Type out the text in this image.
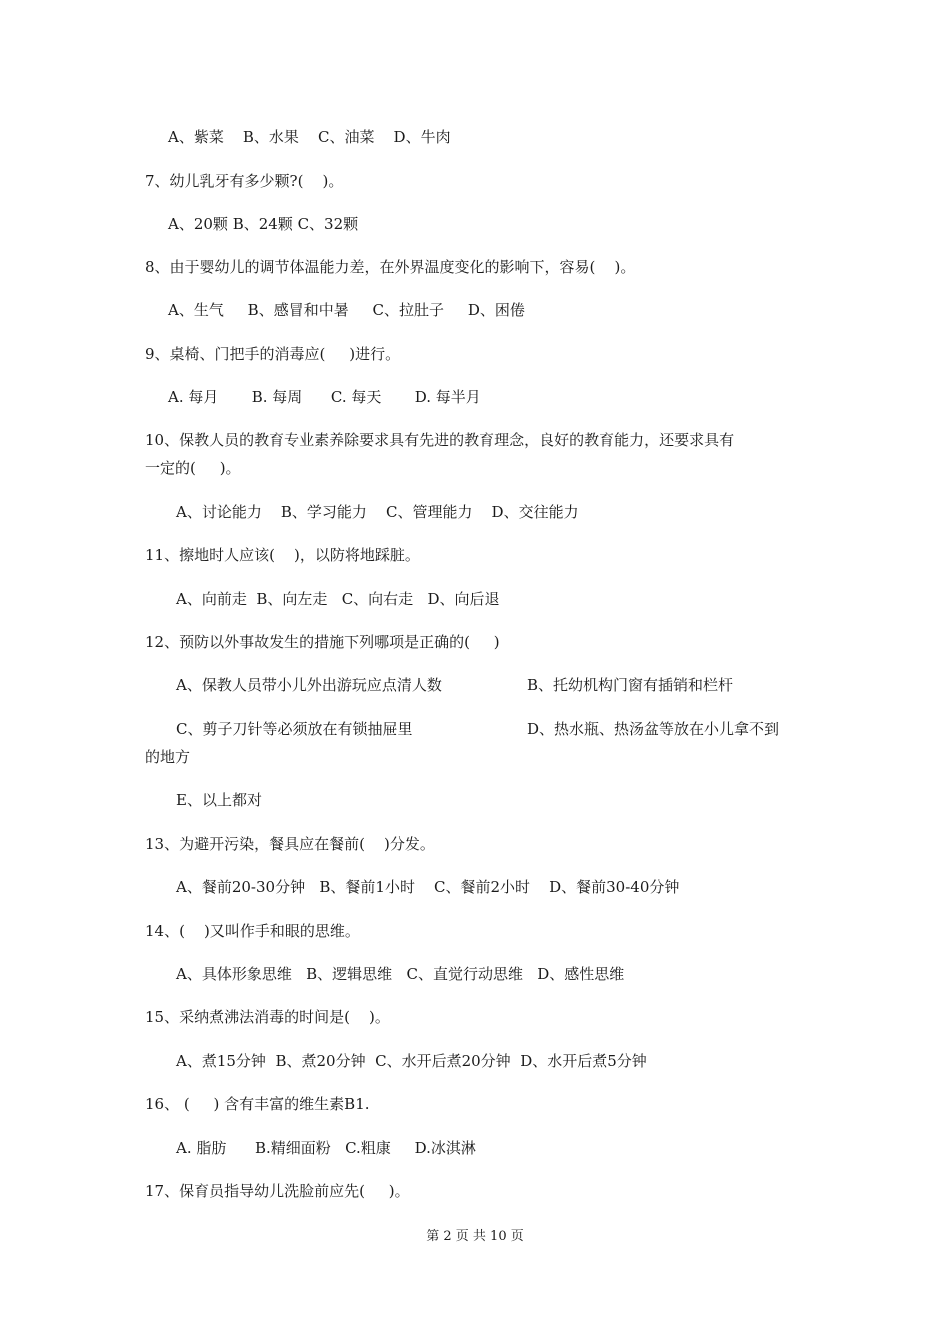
A、紫菜    B、水果    C、油菜    D、牛肉
7、幼儿乳牙有多少颗?(    )。
A、20颗 B、24颗 C、32颗
8、由于婴幼儿的调节体温能力差，在外界温度变化的影响下，容易(    )。
A、生气     B、感冒和中暑     C、拉肚子     D、困倦
9、桌椅、门把手的消毒应(     )进行。
A. 每月       B. 每周      C. 每天       D. 每半月
10、保教人员的教育专业素养除要求具有先进的教育理念，良好的教育能力，还要求具有
一定的(     )。
A、讨论能力    B、学习能力    C、管理能力    D、交往能力
11、擦地时人应该(    )，以防将地踩脏。
A、向前走  B、向左走   C、向右走   D、向后退
12、预防以外事故发生的措施下列哪项是正确的(     )
A、保教人员带小儿外出游玩应点清人数	B、托幼机构门窗有插销和栏杆
C、剪子刀针等必须放在有锁抽屉里	D、热水瓶、热汤盆等放在小儿拿不到
的地方
E、以上都对
13、为避开污染，餐具应在餐前(    )分发。
A、餐前20-30分钟   B、餐前1小时    C、餐前2小时    D、餐前30-40分钟
14、(    )又叫作手和眼的思维。
A、具体形象思维   B、逻辑思维   C、直觉行动思维   D、感性思维
15、采纳煮沸法消毒的时间是(    )。
A、煮15分钟  B、煮20分钟  C、水开后煮20分钟  D、水开后煮5分钟
16、 (     ) 含有丰富的维生素B1.
A. 脂肪      B.精细面粉   C.粗康     D.冰淇淋
17、保育员指导幼儿洗脸前应先(     )。
第 2 页 共 10 页
